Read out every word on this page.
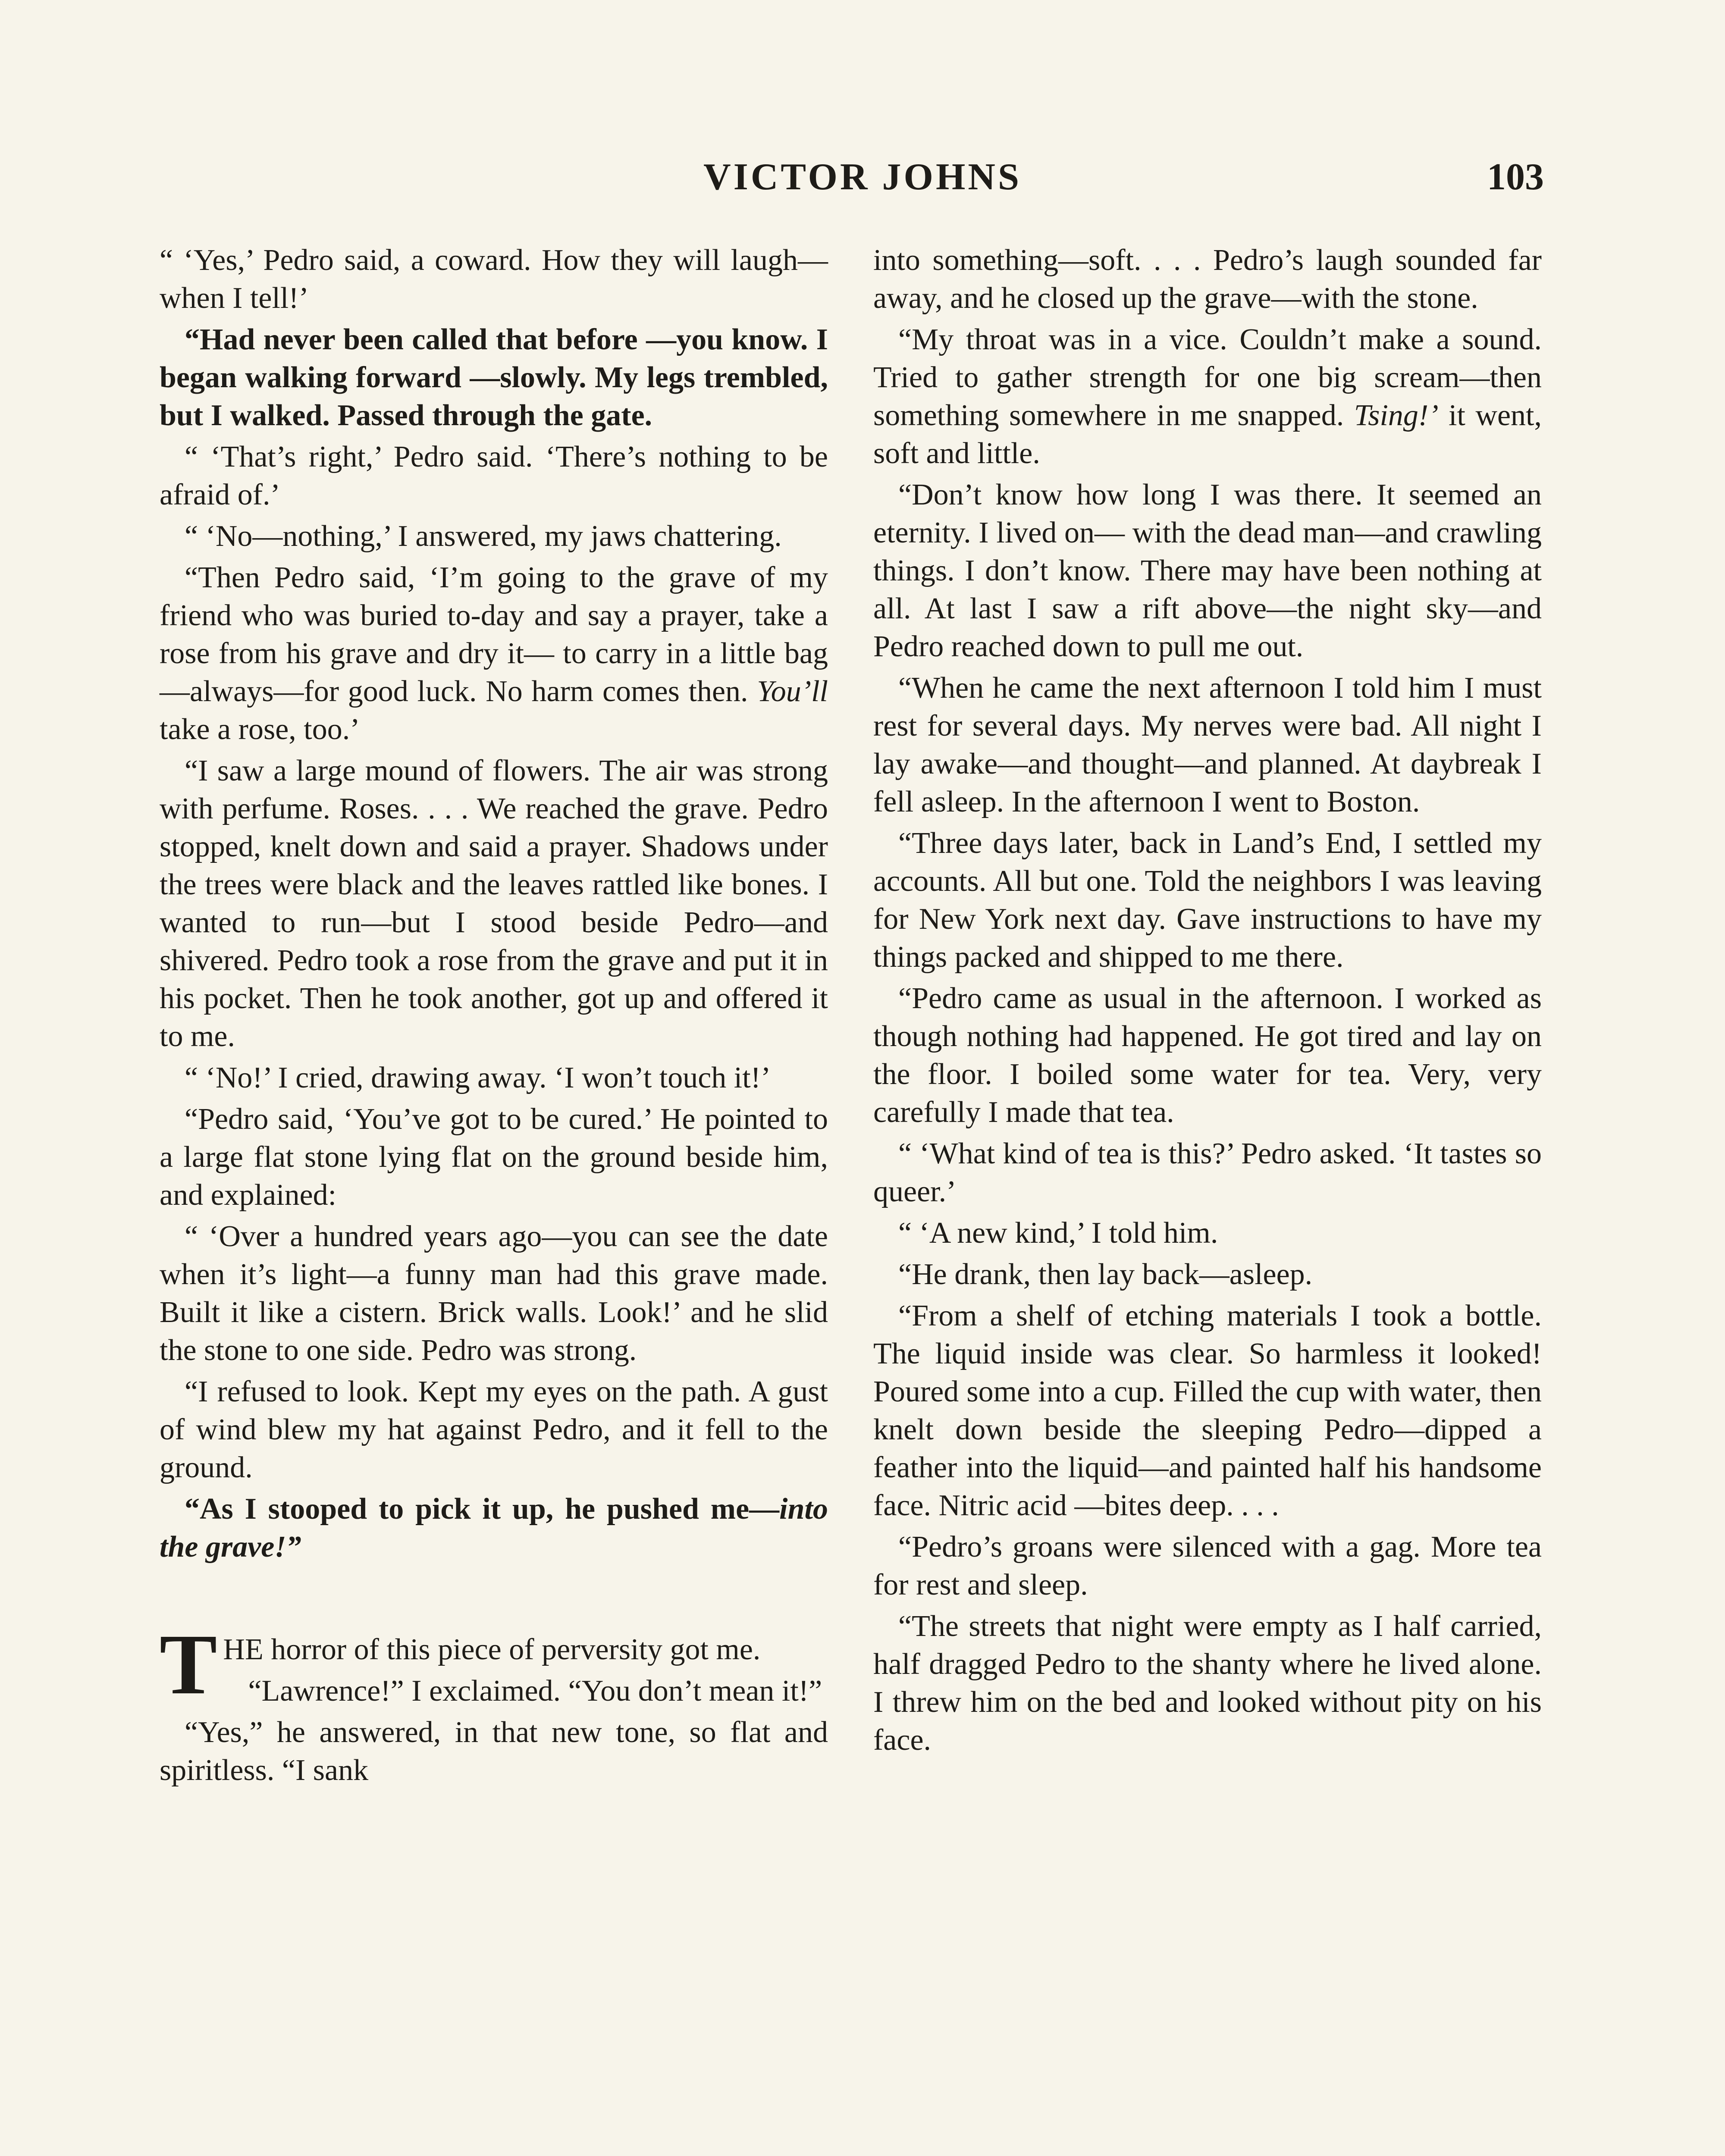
VICTOR JOHNS	103

“ ‘Yes,’ Pedro said, a coward. How they will laugh—when I tell!’

“Had never been called that before —you know. I began walking forward —slowly. My legs trembled, but I walked. Passed through the gate.

“ ‘That’s right,’ Pedro said. ‘There’s nothing to be afraid of.’

“ ‘No—nothing,’ I answered, my jaws chattering.

“Then Pedro said, ‘I’m going to the grave of my friend who was buried to-day and say a prayer, take a rose from his grave and dry it— to carry in a little bag—always—for good luck. No harm comes then. You’ll take a rose, too.’

“I saw a large mound of flowers. The air was strong with perfume. Roses. . . . We reached the grave. Pedro stopped, knelt down and said a prayer. Shadows under the trees were black and the leaves rattled like bones. I wanted to run—but I stood beside Pedro—and shivered. Pedro took a rose from the grave and put it in his pocket. Then he took another, got up and offered it to me.

“ ‘No!’ I cried, drawing away. ‘I won’t touch it!’

“Pedro said, ‘You’ve got to be cured.’ He pointed to a large flat stone lying flat on the ground beside him, and explained:

“ ‘Over a hundred years ago—you can see the date when it’s light—a funny man had this grave made. Built it like a cistern. Brick walls. Look!’ and he slid the stone to one side. Pedro was strong.

“I refused to look. Kept my eyes on the path. A gust of wind blew my hat against Pedro, and it fell to the ground.

“As I stooped to pick it up, he pushed me—into the grave!”

THE horror of this piece of perversity got me.

“Lawrence!” I exclaimed. “You don’t mean it!”

“Yes,” he answered, in that new tone, so flat and spiritless. “I sank

into something—soft. . . . Pedro’s laugh sounded far away, and he closed up the grave—with the stone.

“My throat was in a vice. Couldn’t make a sound. Tried to gather strength for one big scream—then something somewhere in me snapped. Tsing!’ it went, soft and little.

“Don’t know how long I was there. It seemed an eternity. I lived on— with the dead man—and crawling things. I don’t know. There may have been nothing at all. At last I saw a rift above—the night sky—and Pedro reached down to pull me out.

“When he came the next afternoon I told him I must rest for several days. My nerves were bad. All night I lay awake—and thought—and planned. At daybreak I fell asleep. In the afternoon I went to Boston.

“Three days later, back in Land’s End, I settled my accounts. All but one. Told the neighbors I was leaving for New York next day. Gave instructions to have my things packed and shipped to me there.

“Pedro came as usual in the afternoon. I worked as though nothing had happened. He got tired and lay on the floor. I boiled some water for tea. Very, very carefully I made that tea.

“ ‘What kind of tea is this?’ Pedro asked. ‘It tastes so queer.’

“ ‘A new kind,’ I told him.

“He drank, then lay back—asleep.

“From a shelf of etching materials I took a bottle. The liquid inside was clear. So harmless it looked! Poured some into a cup. Filled the cup with water, then knelt down beside the sleeping Pedro—dipped a feather into the liquid—and painted half his handsome face. Nitric acid —bites deep. . . .

“Pedro’s groans were silenced with a gag. More tea for rest and sleep.

“The streets that night were empty as I half carried, half dragged Pedro to the shanty where he lived alone. I threw him on the bed and looked without pity on his face.
